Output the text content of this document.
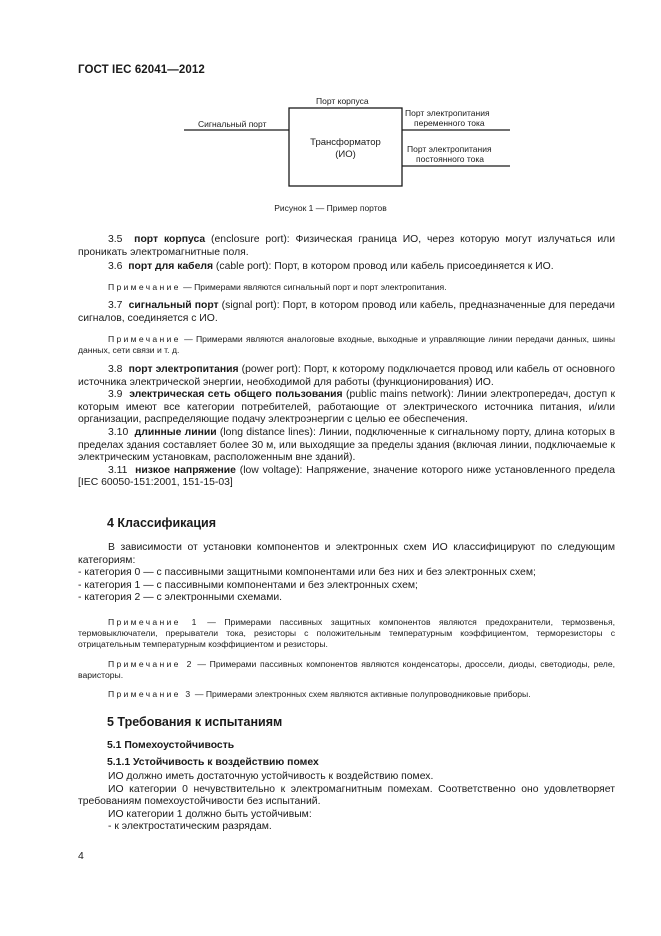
ГОСТ IEC 62041—2012
Порт корпуса
Сигнальный порт
Порт электропитания
переменного тока
Порт электропитания
постоянного тока
Трансформатор
(ИО)
Рисунок 1 — Пример портов

3.5 порт корпуса (enclosure port): Физическая граница ИО, через которую могут излучаться или проникать электромагнитные поля.

3.6 порт для кабеля (cable port): Порт, в котором провод или кабель присоединяется к ИО.

Примечание — Примерами являются сигнальный порт и порт электропитания.

3.7 сигнальный порт (signal port): Порт, в котором провод или кабель, предназначенные для передачи сигналов, соединяется с ИО.

Примечание — Примерами являются аналоговые входные, выходные и управляющие линии передачи данных, шины данных, сети связи и т. д.

3.8 порт электропитания (power port): Порт, к которому подключается провод или кабель от основного источника электрической энергии, необходимой для работы (функционирования) ИО.

3.9 электрическая сеть общего пользования (public mains network): Линии электропередач, доступ к которым имеют все категории потребителей, работающие от электрического источника питания, и/или организации, распределяющие подачу электроэнергии с целью ее обеспечения.

3.10 длинные линии (long distance lines): Линии, подключенные к сигнальному порту, длина которых в пределах здания составляет более 30 м, или выходящие за пределы здания (включая линии, подключаемые к электрическим установкам, расположенным вне зданий).

3.11 низкое напряжение (low voltage): Напряжение, значение которого ниже установленного предела [IEC 60050-151:2001, 151-15-03]

4 Классификация

В зависимости от установки компонентов и электронных схем ИО классифицируют по следующим категориям:

- категория 0 — с пассивными защитными компонентами или без них и без электронных схем;

- категория 1 — с пассивными компонентами и без электронных схем;

- категория 2 — с электронными схемами.

Примечание 1 — Примерами пассивных защитных компонентов являются предохранители, термозвенья, термовыключатели, прерыватели тока, резисторы с положительным температурным коэффициентом, терморезисторы с отрицательным температурным коэффициентом и резисторы.

Примечание 2 — Примерами пассивных компонентов являются конденсаторы, дроссели, диоды, светодиоды, реле, варисторы.

Примечание 3 — Примерами электронных схем являются активные полупроводниковые приборы.

5 Требования к испытаниям
5.1 Помехоустойчивость
5.1.1 Устойчивость к воздействию помех

ИО должно иметь достаточную устойчивость к воздействию помех.

ИО категории 0 нечувствительно к электромагнитным помехам. Соответственно оно удовлетворяет требованиям помехоустойчивости без испытаний.

ИО категории 1 должно быть устойчивым:

- к электростатическим разрядам.

4
